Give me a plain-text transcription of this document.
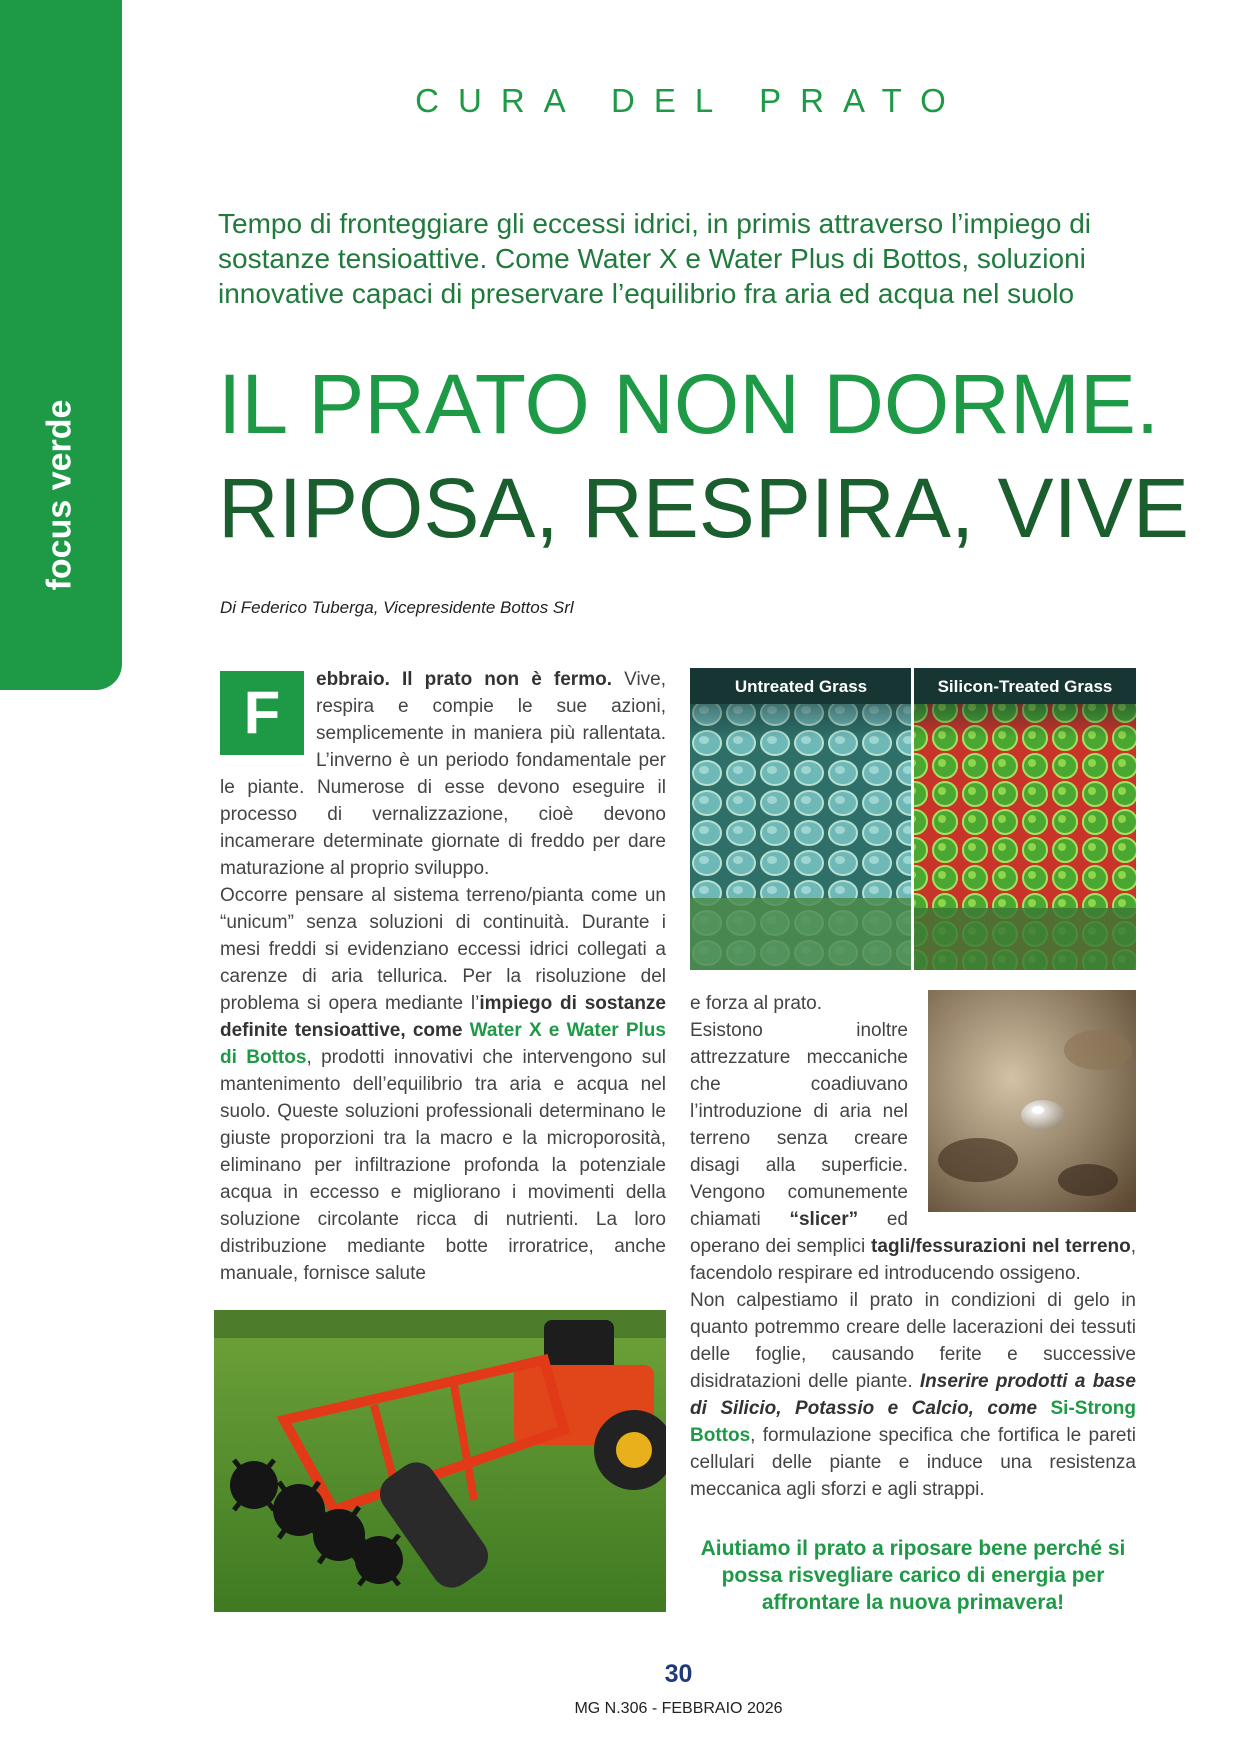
focus verde
CURA DEL PRATO
Tempo di fronteggiare gli eccessi idrici, in primis attraverso l’impiego di sostanze tensioattive. Come Water X e Water Plus di Bottos, soluzioni innovative capaci di preservare l’equilibrio fra aria ed acqua nel suolo
IL PRATO NON DORME.
RIPOSA, RESPIRA, VIVE
Di Federico Tuberga, Vicepresidente Bottos Srl
F	ebbraio. Il prato non è fermo. Vive, respira e compie le sue azioni, semplicemente in maniera più rallentata. L’inverno è un periodo fondamentale per le piante. Numerose di esse devono eseguire il processo di vernalizzazione, cioè devono incamerare determinate giornate di freddo per dare maturazione al proprio sviluppo.
Occorre pensare al sistema terreno/pianta come un “unicum” senza soluzioni di continuità. Durante i mesi freddi si evidenziano eccessi idrici collegati a carenze di aria tellurica. Per la risoluzione del problema si opera mediante l’impiego di sostanze definite tensioattive, come Water X e Water Plus di Bottos, prodotti innovativi che intervengono sul mantenimento dell’equilibrio tra aria e acqua nel suolo. Queste soluzioni professionali determinano le giuste proporzioni tra la macro e la microporosità, eliminano per infiltrazione profonda la potenziale acqua in eccesso e migliorano i movimenti della soluzione circolante ricca di nutrienti. La loro distribuzione mediante botte irroratrice, anche manuale, fornisce salute
Untreated Grass	Silicon-Treated Grass
e forza al prato.
Esistono inoltre attrezzature meccaniche che coadiuvano l’introduzione di aria nel terreno senza creare disagi alla superficie. Vengono comunemente chiamati “slicer” ed operano dei semplici tagli/fessurazioni nel terreno, facendolo respirare ed introducendo ossigeno.
Non calpestiamo il prato in condizioni di gelo in quanto potremmo creare delle lacerazioni dei tessuti delle foglie, causando ferite e successive disidratazioni delle piante. Inserire prodotti a base di Silicio, Potassio e Calcio, come Si-Strong Bottos, formulazione specifica che fortifica le pareti cellulari delle piante e induce una resistenza meccanica agli sforzi e agli strappi.
Aiutiamo il prato a riposare bene perché si possa risvegliare carico di energia per affrontare la nuova primavera!
30
MG N.306 - FEBBRAIO 2026
